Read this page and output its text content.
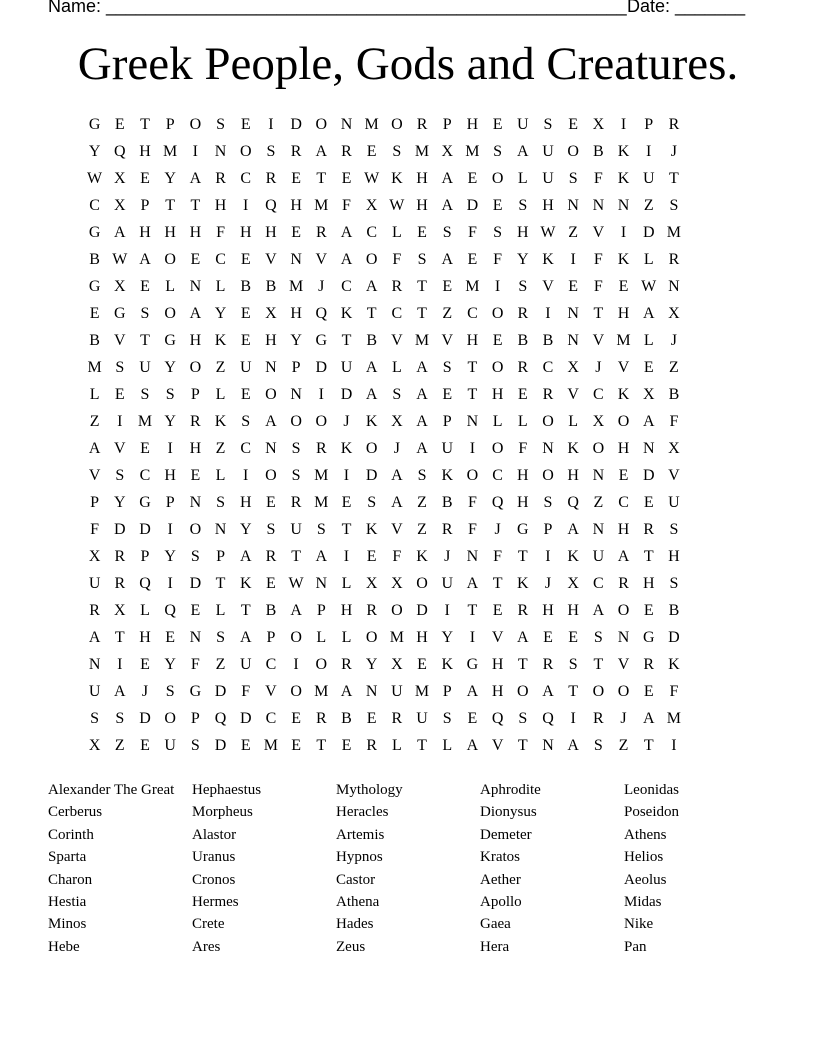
Name: ____________________________________________________ Date: _______
Greek People, Gods and Creatures.
G E T P O S E	I	D O N M O R P H E U S E X	I	P R
Y Q H M I	N O S R A R E S M X M S A U O B K	I	J
W X E Y A R C R E T E W K H A E O L U S	F K U T
C X P T T H	I	Q H M F X W H A D E S H N N N Z S
G A H H H F H H E R A C L E S	F	S H W Z V	I	D M
B W A O E C E V N V A O F	S A E F Y K	I	F K L R
G X E L N L B B M J	C A R T E M I	S V E F E W N
E G S O A Y E X H Q K T C T Z C O R	I	N T H A X
B V T G H K E H Y G T B V M V H E B B N V M L	J
M S U Y O Z U N P D U A L A S T O R C X	J	V E Z
L E S	S	P L E O N	I	D A S A E T H E R V C K X B
Z	I M Y R K S A O O	J	K X A P N L L O L X O A F
A V E	I	H Z C N S R K O	J	A U	I	O F N K O H N X
V S C H E L	I	O S M I	D A S K O C H O H N E D V
P Y G P N S H E R M E S A Z B F Q H S Q Z C E U
F D D	I	O N Y S U S T K V Z R F	J	G P A N H R S
X R P Y S	P A R T A	I	E F K	J	N F T	I	K U A T H
U R Q	I	D T K E W N L X X O U A T K	J	X C R H S
R X L Q E L T B A P H R O D	I	T E R H H A O E B
A T H E N S A P O L L O M H Y	I	V A E E S N G D
N	I	E Y F Z U C	I	O R Y X E K G H T R S T V R K
U A	J	S G D F V O M A N U M P A H O A T O O E F
S	S D O P Q D C E R B E R U S E Q S Q	I	R	J	A M
X Z E U S D E M E T E R L T L A V T N A S Z T	I
Alexander The Great
Cerberus
Corinth
Sparta
Charon
Hestia
Minos
Hebe
Hephaestus
Morpheus
Alastor
Uranus
Cronos
Hermes
Crete
Ares
Mythology
Heracles
Artemis
Hypnos
Castor
Athena
Hades
Zeus
Aphrodite
Dionysus
Demeter
Kratos
Aether
Apollo
Gaea
Hera
Leonidas
Poseidon
Athens
Helios
Aeolus
Midas
Nike
Pan
